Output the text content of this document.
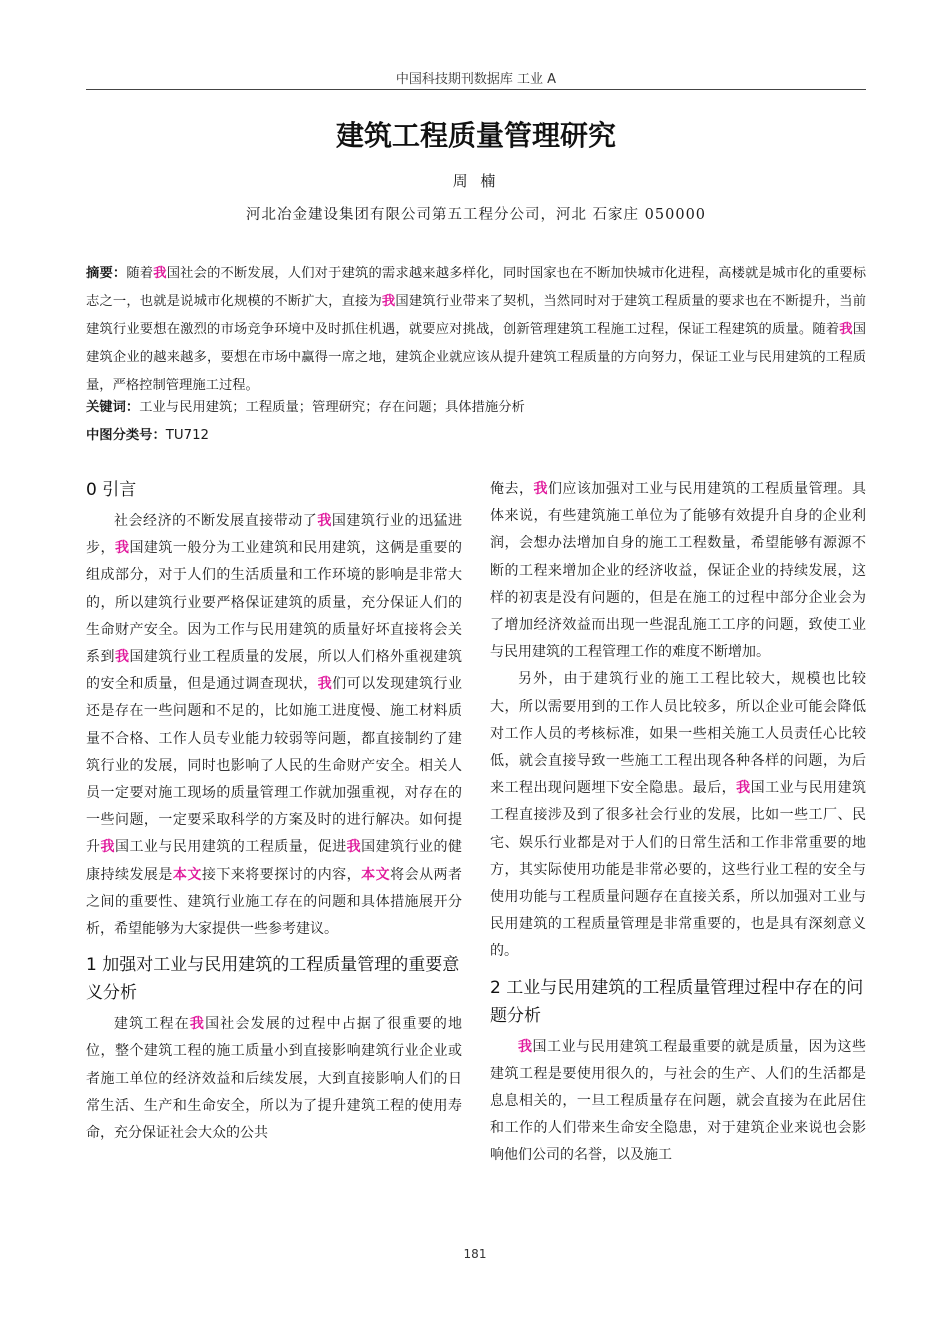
中国科技期刊数据库 工业 A
建筑工程质量管理研究
周 楠
河北冶金建设集团有限公司第五工程分公司，河北 石家庄 050000
摘要：随着我国社会的不断发展，人们对于建筑的需求越来越多样化，同时国家也在不断加快城市化进程，高楼就是城市化的重要标志之一，也就是说城市化规模的不断扩大，直接为我国建筑行业带来了契机，当然同时对于建筑工程质量的要求也在不断提升，当前建筑行业要想在激烈的市场竞争环境中及时抓住机遇，就要应对挑战，创新管理建筑工程施工过程，保证工程建筑的质量。随着我国建筑企业的越来越多，要想在市场中赢得一席之地，建筑企业就应该从提升建筑工程质量的方向努力，保证工业与民用建筑的工程质量，严格控制管理施工过程。
关键词：工业与民用建筑；工程质量；管理研究；存在问题；具体措施分析
中图分类号：TU712
0 引言

社会经济的不断发展直接带动了我国建筑行业的迅猛进步，我国建筑一般分为工业建筑和民用建筑，这俩是重要的组成部分，对于人们的生活质量和工作环境的影响是非常大的，所以建筑行业要严格保证建筑的质量，充分保证人们的生命财产安全。因为工作与民用建筑的质量好坏直接将会关系到我国建筑行业工程质量的发展，所以人们格外重视建筑的安全和质量，但是通过调查现状，我们可以发现建筑行业还是存在一些问题和不足的，比如施工进度慢、施工材料质量不合格、工作人员专业能力较弱等问题，都直接制约了建筑行业的发展，同时也影响了人民的生命财产安全。相关人员一定要对施工现场的质量管理工作就加强重视，对存在的一些问题，一定要采取科学的方案及时的进行解决。如何提升我国工业与民用建筑的工程质量，促进我国建筑行业的健康持续发展是本文接下来将要探讨的内容，本文将会从两者之间的重要性、建筑行业施工存在的问题和具体措施展开分析，希望能够为大家提供一些参考建议。

1 加强对工业与民用建筑的工程质量管理的重要意义分析

建筑工程在我国社会发展的过程中占据了很重要的地位，整个建筑工程的施工质量小到直接影响建筑行业企业或者施工单位的经济效益和后续发展，大到直接影响人们的日常生活、生产和生命安全，所以为了提升建筑工程的使用寿命，充分保证社会大众的公共

俺去，我们应该加强对工业与民用建筑的工程质量管理。具体来说，有些建筑施工单位为了能够有效提升自身的企业利润，会想办法增加自身的施工工程数量，希望能够有源源不断的工程来增加企业的经济收益，保证企业的持续发展，这样的初衷是没有问题的，但是在施工的过程中部分企业会为了增加经济效益而出现一些混乱施工工序的问题，致使工业与民用建筑的工程管理工作的难度不断增加。

另外，由于建筑行业的施工工程比较大，规模也比较大，所以需要用到的工作人员比较多，所以企业可能会降低对工作人员的考核标准，如果一些相关施工人员责任心比较低，就会直接导致一些施工工程出现各种各样的问题，为后来工程出现问题埋下安全隐患。最后，我国工业与民用建筑工程直接涉及到了很多社会行业的发展，比如一些工厂、民宅、娱乐行业都是对于人们的日常生活和工作非常重要的地方，其实际使用功能是非常必要的，这些行业工程的安全与使用功能与工程质量问题存在直接关系，所以加强对工业与民用建筑的工程质量管理是非常重要的，也是具有深刻意义的。

2 工业与民用建筑的工程质量管理过程中存在的问题分析

我国工业与民用建筑工程最重要的就是质量，因为这些建筑工程是要使用很久的，与社会的生产、人们的生活都是息息相关的，一旦工程质量存在问题，就会直接为在此居住和工作的人们带来生命安全隐患，对于建筑企业来说也会影响他们公司的名誉，以及施工

181
